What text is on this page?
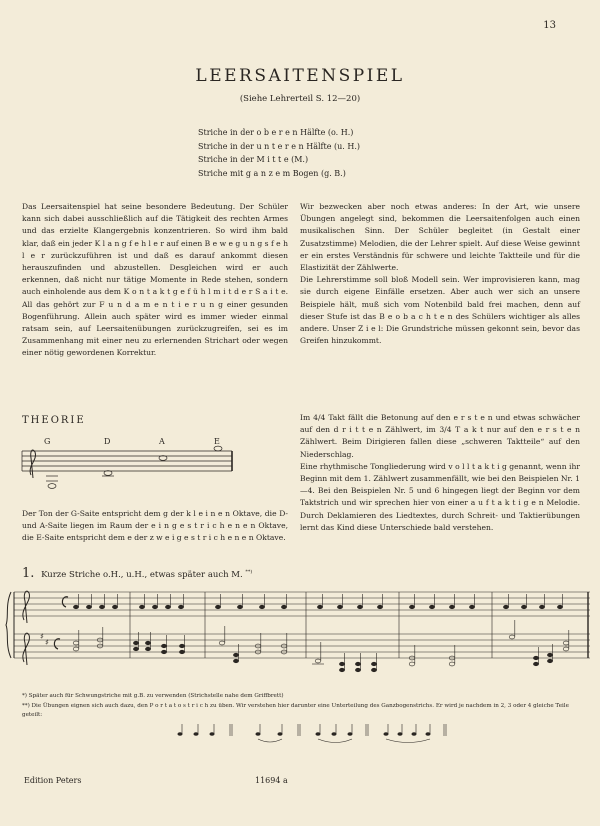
13
LEERSAITENSPIEL
(Siehe Lehrerteil S. 12—20)
Striche in der o b e r e n Hälfte (o. H.)
Striche in der u n t e r e n Hälfte (u. H.)
Striche in der M i t t e (M.)
Striche mit g a n z e m Bogen (g. B.)

Das Leersaitenspiel hat seine besondere Bedeutung. Der Schüler kann sich dabei ausschließlich auf die Tätigkeit des rechten Armes und das erzielte Klangergebnis konzentrieren. So wird ihm bald klar, daß ein jeder K l a n g f e h l e r auf einen B e w e g u n g s f e h l e r zurückzuführen ist und daß es darauf ankommt diesen herauszufinden und abzustellen. Desgleichen wird er auch erkennen, daß nicht nur tätige Momente in Rede stehen, sondern auch einholende aus dem K o n t a k t g e f ü h l m i t d e r S a i t e. All das gehört zur F u n d a m e n t i e r u n g einer gesunden Bogenführung. Allein auch später wird es immer wieder einmal ratsam sein, auf Leersaitenübungen zurückzugreifen, sei es im Zusammenhang mit einer neu zu erlernenden Strichart oder wegen einer nötig gewordenen Korrektur.

Wir bezwecken aber noch etwas anderes: In der Art, wie unsere Übungen angelegt sind, bekommen die Leersaitenfolgen auch einen musikalischen Sinn. Der Schüler begleitet (in Gestalt einer Zusatzstimme) Melodien, die der Lehrer spielt. Auf diese Weise gewinnt er ein erstes Verständnis für schwere und leichte Taktteile und für die Elastizität der Zählwerte.

Die Lehrerstimme soll bloß Modell sein. Wer improvisieren kann, mag sie durch eigene Einfälle ersetzen. Aber auch wer sich an unsere Beispiele hält, muß sich vom Notenbild bald frei machen, denn auf dieser Stufe ist das B e o b a c h t e n des Schülers wichtiger als alles andere. Unser Z i e l: Die Grundstriche müssen gekonnt sein, bevor das Greifen hinzukommt.

Im 4/4 Takt fällt die Betonung auf den e r s t e n und etwas schwächer auf den d r i t t e n Zählwert, im 3/4 T a k t nur auf den e r s t e n Zählwert. Beim Dirigieren fallen diese „schweren Taktteile“ auf den Niederschlag.

Eine rhythmische Tongliederung wird v o l l t a k t i g genannt, wenn ihr Beginn mit dem 1. Zählwert zusammenfällt, wie bei den Beispielen Nr. 1—4. Bei den Beispielen Nr. 5 und 6 hingegen liegt der Beginn vor dem Taktstrich und wir sprechen hier von einer a u f t a k t i g e n Melodie. Durch Deklamieren des Liedtextes, durch Schreit- und Taktierübungen lernt das Kind diese Unterschiede bald verstehen.

THEORIE
G	D	A	E
♯
♯

Der Ton der G-Saite entspricht dem g der k l e i n e n Oktave, die D- und A-Saite liegen im Raum der e i n g e s t r i c h e n e n Oktave, die E-Saite entspricht dem e der z w e i g e s t r i c h e n e n Oktave.

1. Kurze Striche o.H., u.H., etwas später auch M. **)
*) Später auch für Schwungstriche mit g.B. zu verwenden (Strichstelle nahe dem Griffbrett)
**) Die Übungen eignen sich auch dazu, den P o r t a t o s t r i c h zu üben. Wir verstehen hier darunter eine Unterteilung des Ganzbogenstrichs. Er wird je nachdem in 2, 3 oder 4 gleiche Teile geteilt:
Edition Peters	11694 a
